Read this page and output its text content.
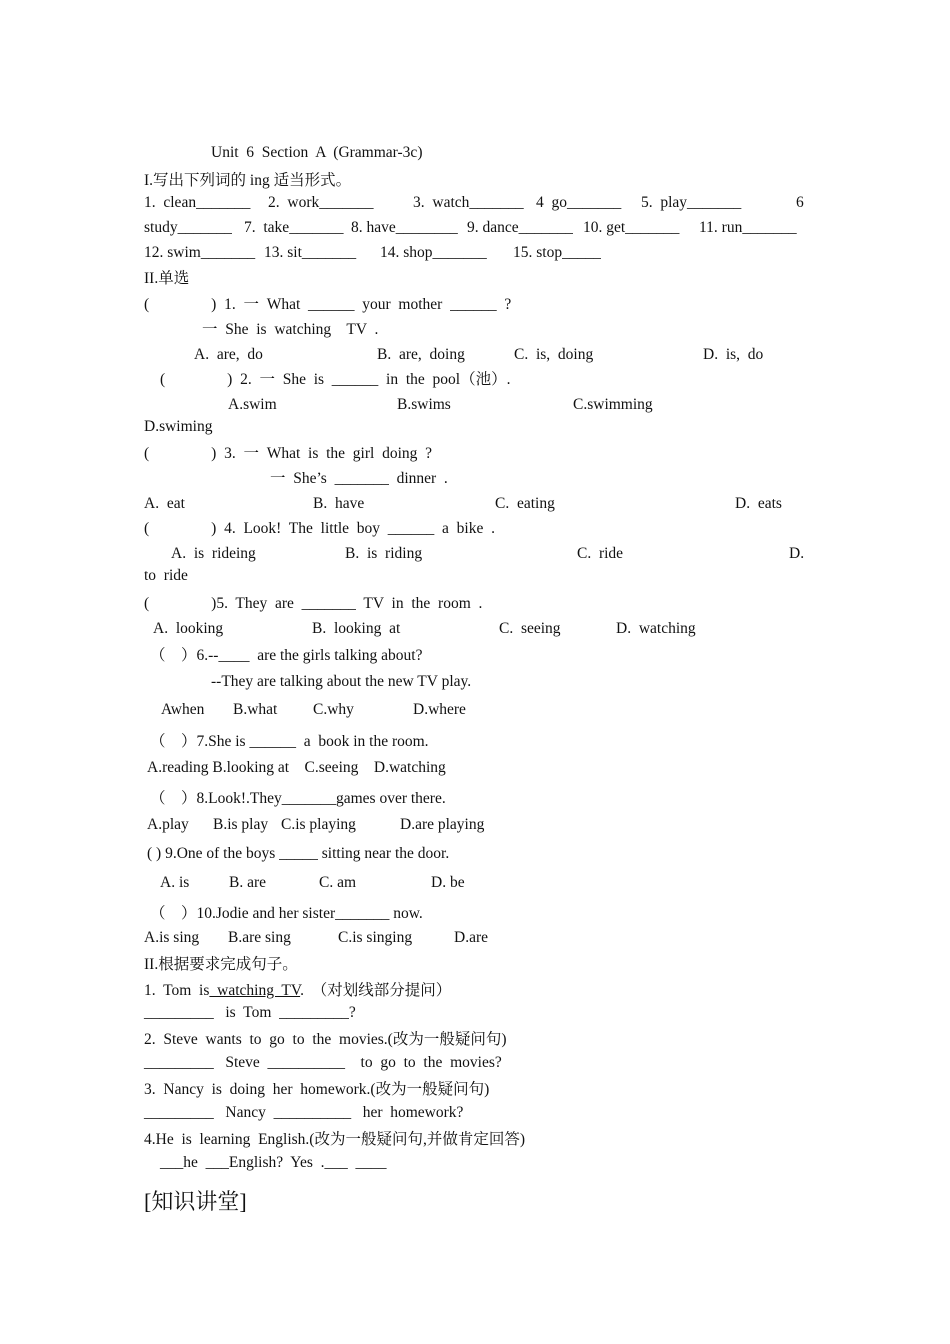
Unit  6  Section  A  (Grammar-3c)
I.写出下列词的 ing 适当形式。
1.  clean_______ 2.  work_______	3.  watch_______ 4  go_______ 5.  play_______	6
study_______ 7.  take_______ 8. have________ 9. dance_______ 10. get_______ 11. run_______
12. swim_______ 13. sit_______ 14. shop_______ 15. stop_____
II.单选
(                )  1.  一  What  ______  your  mother  ______  ?
一  She  is  watching    TV  .
A.  are,  do	B.  are,  doing	C.  is,  doing	D.  is,  do
(                )  2.  一  She  is  ______  in  the  pool（池）.
A.swim	B.swims	C.swimming
D.swiming
(                )  3.  一  What  is  the  girl  doing  ?
一  She’s  _______  dinner  .
A.  eat	B.  have	C.  eating	D.  eats
(                )  4.  Look!  The  little  boy  ______  a  bike  .
A.  is  rideing	B.  is  riding	C.  ride	D.
to  ride
(                )5.  They  are  _______  TV  in  the  room  .
A.  looking	B.  looking  at	C.  seeing	D.  watching
（    ）6.--____  are the girls talking about?
--They are talking about the new TV play.
Awhen B.what C.why	D.where
（    ）7.She is ______  a  book in the room.
A.reading B.looking at    C.seeing    D.watching
（    ）8.Look!.They_______games over there.
A.play B.is play C.is playing	D.are playing
( ) 9.One of the boys _____ sitting near the door.
A. is	B. are	C. am	D. be
（    ）10.Jodie and her sister_______ now.
A.is sing B.are sing	C.is singing	D.are
II.根据要求完成句子。
1.  Tom  is  watching  TV.  （对划线部分提问）
_________   is  Tom  _________?
2.  Steve  wants  to  go  to  the  movies.(改为一般疑问句)
_________   Steve  __________    to  go  to  the  movies?
3.  Nancy  is  doing  her  homework.(改为一般疑问句)
_________   Nancy  __________   her  homework?
4.He  is  learning  English.(改为一般疑问句,并做肯定回答)
___he  ___English?  Yes  .___  ____
[知识讲堂]
